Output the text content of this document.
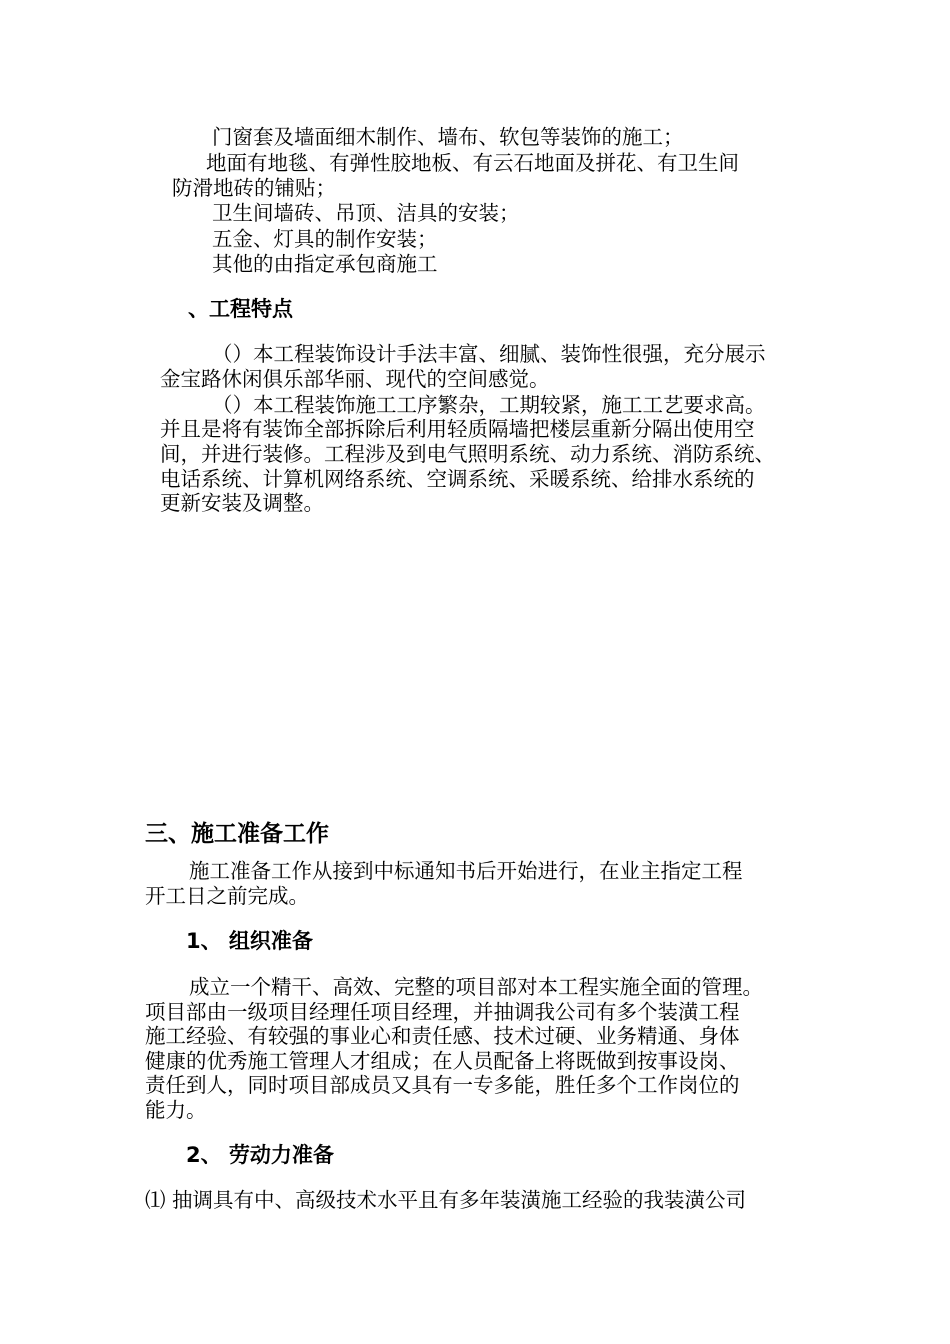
门窗套及墙面细木制作、墙布、软包等装饰的施工；
地面有地毯、有弹性胶地板、有云石地面及拼花、有卫生间
防滑地砖的铺贴；
卫生间墙砖、吊顶、洁具的安装；
五金、灯具的制作安装；
其他的由指定承包商施工
、工程特点
（）本工程装饰设计手法丰富、细腻、装饰性很强，充分展示
金宝路休闲俱乐部华丽、现代的空间感觉。
（）本工程装饰施工工序繁杂，工期较紧，施工工艺要求高。
并且是将有装饰全部拆除后利用轻质隔墙把楼层重新分隔出使用空
间，并进行装修。工程涉及到电气照明系统、动力系统、消防系统、
电话系统、计算机网络系统、空调系统、采暖系统、给排水系统的
更新安装及调整。
三、施工准备工作
施工准备工作从接到中标通知书后开始进行，在业主指定工程
开工日之前完成。
1、 组织准备
成立一个精干、高效、完整的项目部对本工程实施全面的管理。
项目部由一级项目经理任项目经理，并抽调我公司有多个装潢工程
施工经验、有较强的事业心和责任感、技术过硬、业务精通、身体
健康的优秀施工管理人才组成；在人员配备上将既做到按事设岗、
责任到人，同时项目部成员又具有一专多能，胜任多个工作岗位的
能力。
2、 劳动力准备
⑴ 抽调具有中、高级技术水平且有多年装潢施工经验的我装潢公司
